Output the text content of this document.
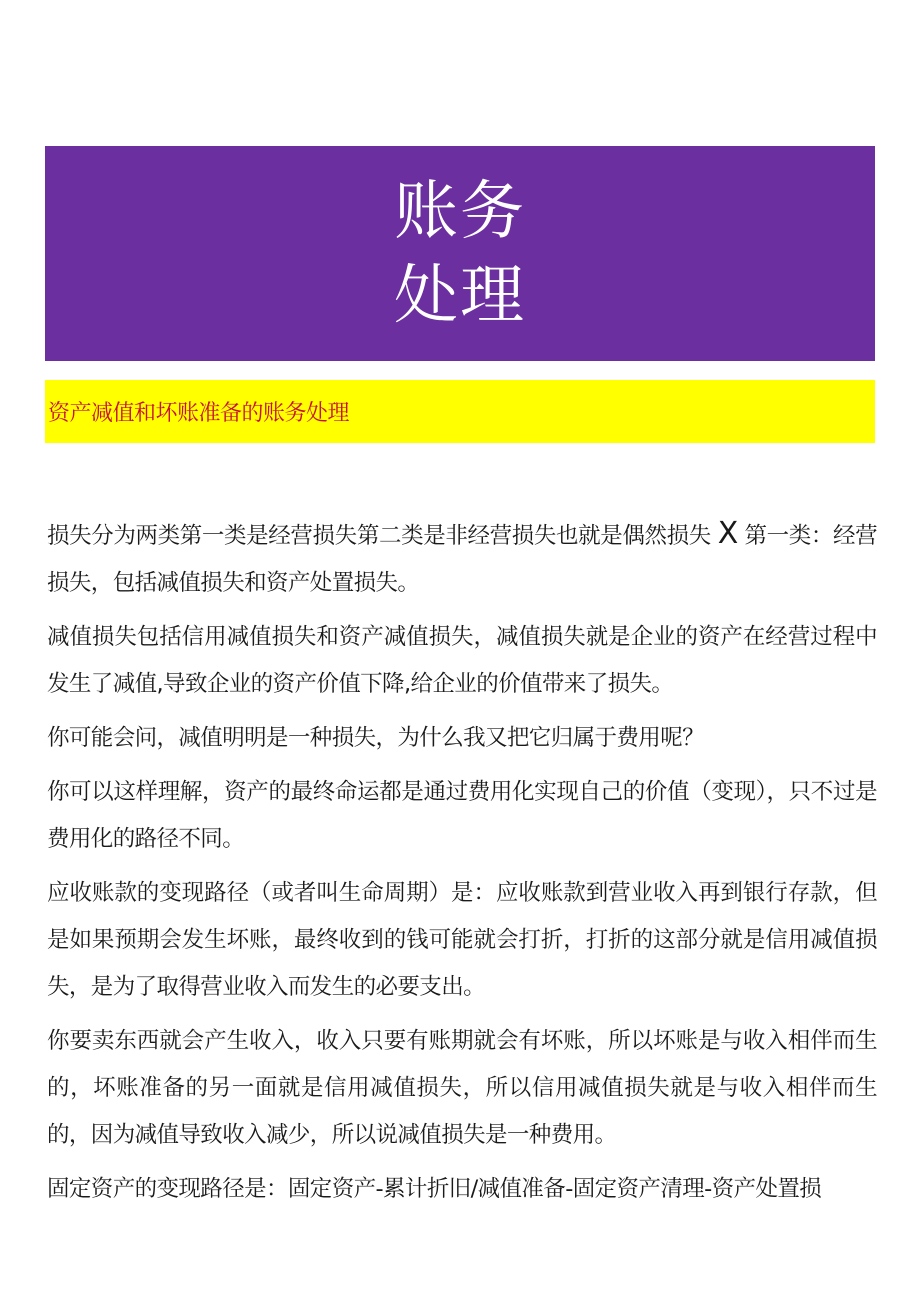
账务
处理
资产减值和坏账准备的账务处理

损失分为两类第一类是经营损失第二类是非经营损失也就是偶然损失 X 第一类：经营损失，包括减值损失和资产处置损失。

减值损失包括信用减值损失和资产减值损失，减值损失就是企业的资产在经营过程中发生了减值,导致企业的资产价值下降,给企业的价值带来了损失。

你可能会问，减值明明是一种损失，为什么我又把它归属于费用呢？

你可以这样理解，资产的最终命运都是通过费用化实现自己的价值（变现），只不过是费用化的路径不同。

应收账款的变现路径（或者叫生命周期）是：应收账款到营业收入再到银行存款，但是如果预期会发生坏账，最终收到的钱可能就会打折，打折的这部分就是信用减值损失，是为了取得营业收入而发生的必要支出。

你要卖东西就会产生收入，收入只要有账期就会有坏账，所以坏账是与收入相伴而生的，坏账准备的另一面就是信用减值损失，所以信用减值损失就是与收入相伴而生的，因为减值导致收入减少，所以说减值损失是一种费用。

固定资产的变现路径是：固定资产-累计折旧/减值准备-固定资产清理-资产处置损
